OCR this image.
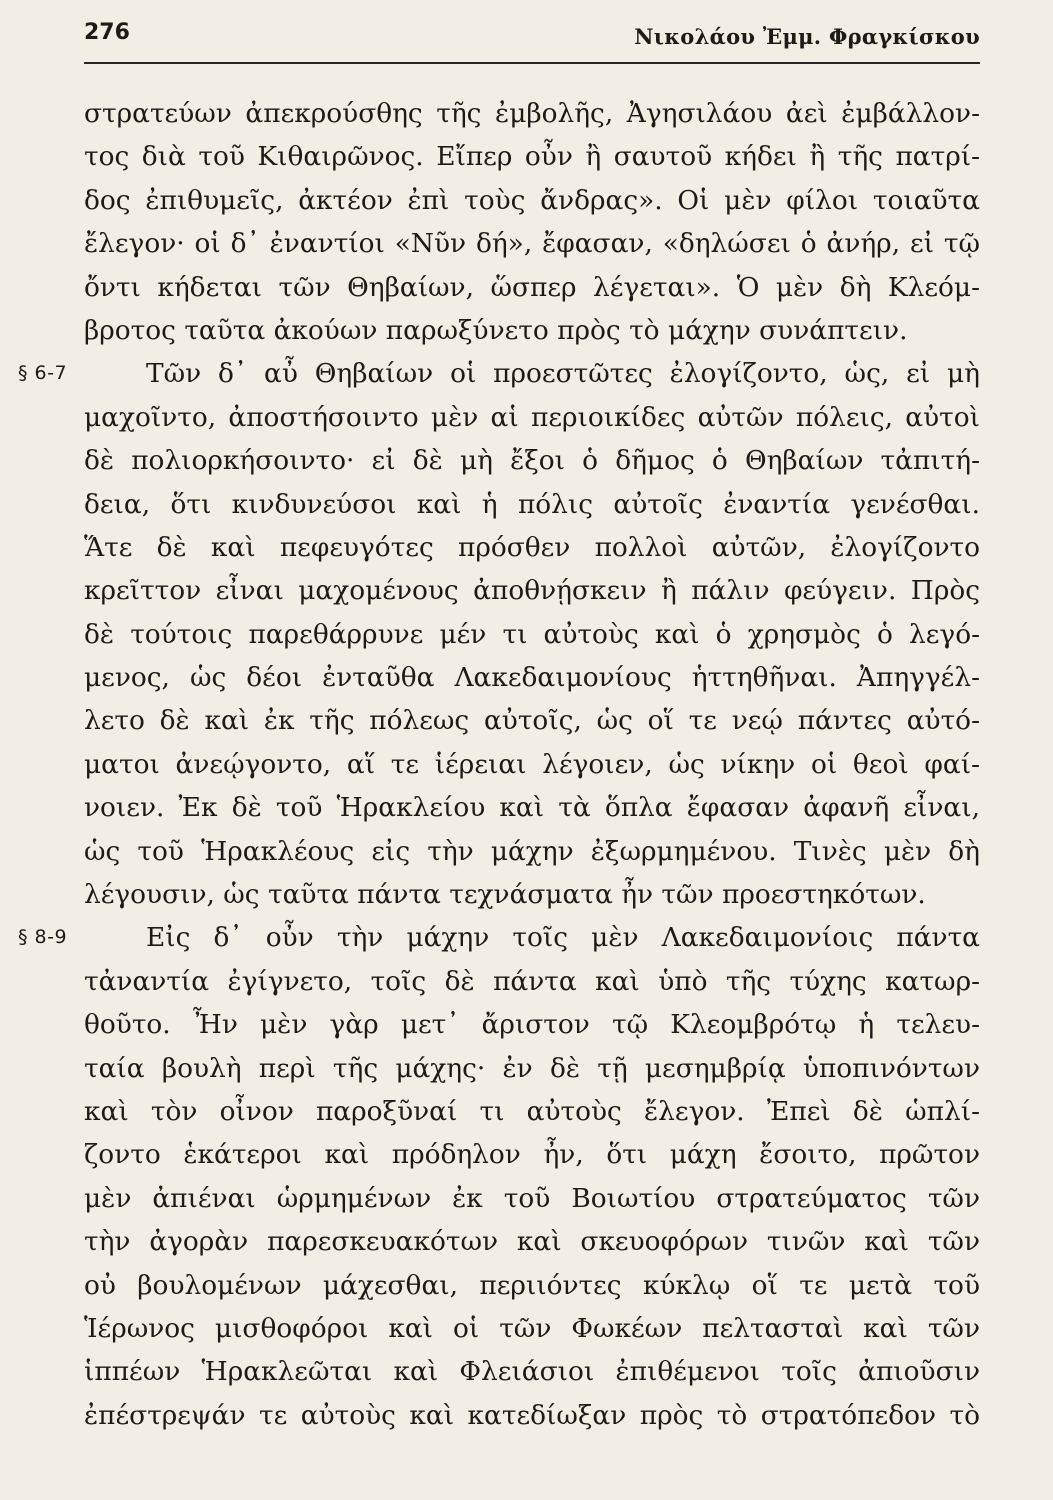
276	Νικολάου Ἐμμ. Φραγκίσκου
στρατεύων ἀπεκρούσθης τῆς ἐμβολῆς, Ἀγησιλάου ἀεὶ ἐμβάλλον-
τος διὰ τοῦ Κιθαιρῶνος. Εἴπερ οὖν ἢ σαυτοῦ κήδει ἢ τῆς πατρί-
δος ἐπιθυμεῖς, ἀκτέον ἐπὶ τοὺς ἄνδρας». Οἱ μὲν φίλοι τοιαῦτα
ἔλεγον· οἱ δ᾽ ἐναντίοι «Νῦν δή», ἔφασαν, «δηλώσει ὁ ἀνήρ, εἰ τῷ
ὄντι κήδεται τῶν Θηβαίων, ὥσπερ λέγεται». Ὁ μὲν δὴ Κλεόμ-
βροτος ταῦτα ἀκούων παρωξύνετο πρὸς τὸ μάχην συνάπτειν.
§ 6-7	Τῶν δ᾽ αὖ Θηβαίων οἱ προεστῶτες ἐλογίζοντο, ὡς, εἰ μὴ
μαχοῖντο, ἀποστήσοιντο μὲν αἱ περιοικίδες αὐτῶν πόλεις, αὐτοὶ
δὲ πολιορκήσοιντο· εἰ δὲ μὴ ἔξοι ὁ δῆμος ὁ Θηβαίων τἀπιτή-
δεια, ὅτι κινδυνεύσοι καὶ ἡ πόλις αὐτοῖς ἐναντία γενέσθαι.
Ἅτε δὲ καὶ πεφευγότες πρόσθεν πολλοὶ αὐτῶν, ἐλογίζοντο
κρεῖττον εἶναι μαχομένους ἀποθνῄσκειν ἢ πάλιν φεύγειν. Πρὸς
δὲ τούτοις παρεθάρρυνε μέν τι αὐτοὺς καὶ ὁ χρησμὸς ὁ λεγό-
μενος, ὡς δέοι ἐνταῦθα Λακεδαιμονίους ἡττηθῆναι. Ἀπηγγέλ-
λετο δὲ καὶ ἐκ τῆς πόλεως αὐτοῖς, ὡς οἵ τε νεῴ πάντες αὐτό-
ματοι ἀνεῴγοντο, αἵ τε ἱέρειαι λέγοιεν, ὡς νίκην οἱ θεοὶ φαί-
νοιεν. Ἐκ δὲ τοῦ Ἡρακλείου καὶ τὰ ὅπλα ἔφασαν ἀφανῆ εἶναι,
ὡς τοῦ Ἡρακλέους εἰς τὴν μάχην ἐξωρμημένου. Τινὲς μὲν δὴ
λέγουσιν, ὡς ταῦτα πάντα τεχνάσματα ἦν τῶν προεστηκότων.
§ 8-9	Εἰς δ᾽ οὖν τὴν μάχην τοῖς μὲν Λακεδαιμονίοις πάντα
τἀναντία ἐγίγνετο, τοῖς δὲ πάντα καὶ ὑπὸ τῆς τύχης κατωρ-
θοῦτο. Ἦν μὲν γὰρ μετ᾽ ἄριστον τῷ Κλεομβρότῳ ἡ τελευ-
ταία βουλὴ περὶ τῆς μάχης· ἐν δὲ τῇ μεσημβρίᾳ ὑποπινόντων
καὶ τὸν οἶνον παροξῦναί τι αὐτοὺς ἔλεγον. Ἐπεὶ δὲ ὡπλί-
ζοντο ἑκάτεροι καὶ πρόδηλον ἦν, ὅτι μάχη ἔσοιτο, πρῶτον
μὲν ἀπιέναι ὡρμημένων ἐκ τοῦ Βοιωτίου στρατεύματος τῶν
τὴν ἀγορὰν παρεσκευακότων καὶ σκευοφόρων τινῶν καὶ τῶν
οὐ βουλομένων μάχεσθαι, περιιόντες κύκλῳ οἵ τε μετὰ τοῦ
Ἱέρωνος μισθοφόροι καὶ οἱ τῶν Φωκέων πελτασταὶ καὶ τῶν
ἱππέων Ἡρακλεῶται καὶ Φλειάσιοι ἐπιθέμενοι τοῖς ἀπιοῦσιν
ἐπέστρεψάν τε αὐτοὺς καὶ κατεδίωξαν πρὸς τὸ στρατόπεδον τὸ
